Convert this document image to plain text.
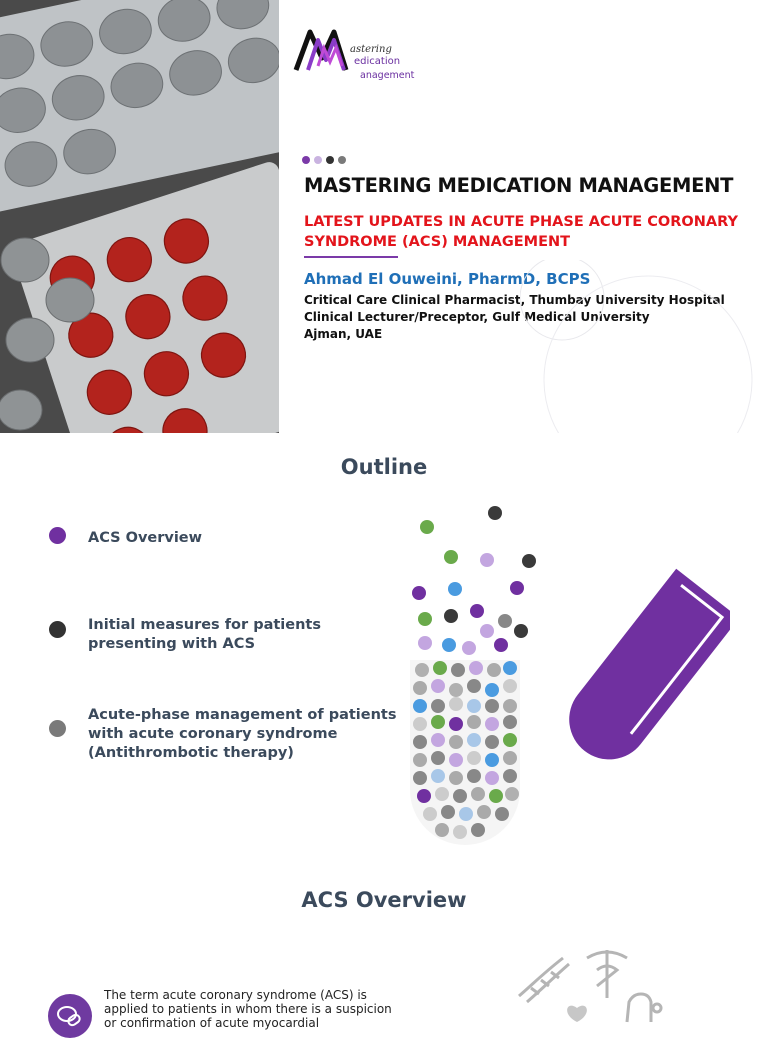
astering
edication
anagement
MASTERING MEDICATION MANAGEMENT
LATEST UPDATES IN ACUTE PHASE ACUTE CORONARY SYNDROME (ACS) MANAGEMENT
Ahmad El Ouweini, PharmD, BCPS
Critical Care Clinical Pharmacist, Thumbay University Hospital
Clinical Lecturer/Preceptor, Gulf Medical University
Ajman, UAE
Outline
ACS Overview
Initial measures for patients presenting with ACS
Acute-phase management of patients with acute coronary syndrome (Antithrombotic therapy)
ACS Overview
The term acute coronary syndrome (ACS) is applied to patients in whom there is a suspicion or confirmation of acute myocardial
